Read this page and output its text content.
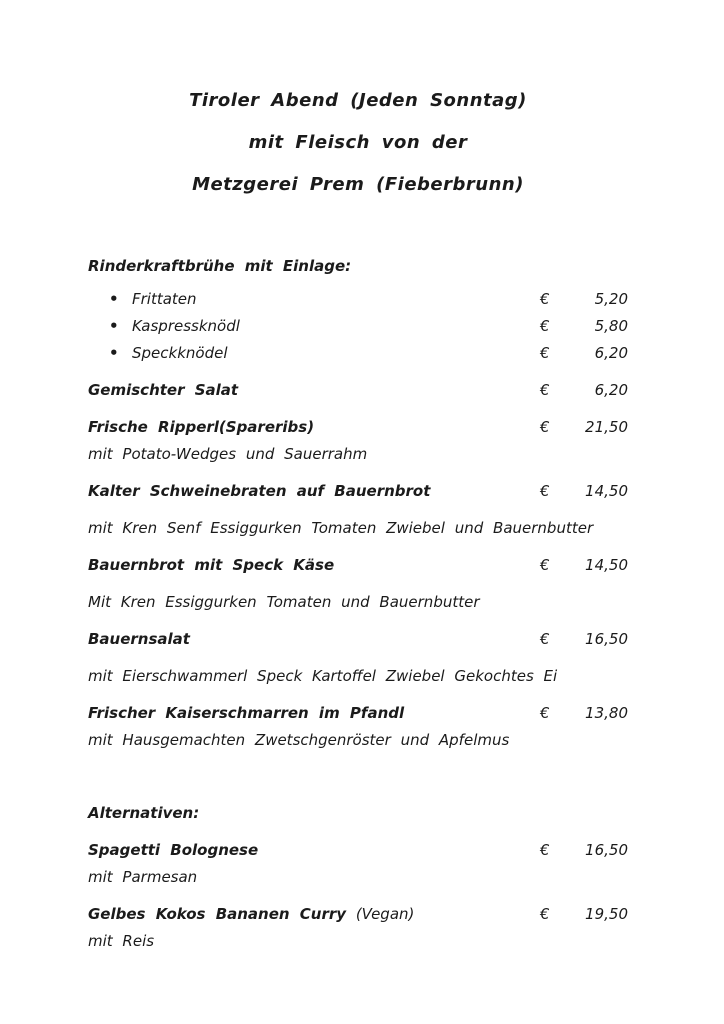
Tiroler Abend (Jeden Sonntag)

mit Fleisch von der

Metzgerei Prem (Fieberbrunn)

Rinderkraftbrühe mit Einlage:
• Frittaten	€	5,20
• Kaspressknödl	€	5,80
• Speckknödel	€	6,20
Gemischter Salat	€	6,20
Frische Ripperl(Spareribs)	€ 21,50

mit Potato-Wedges und Sauerrahm

Kalter Schweinebraten auf Bauernbrot	€ 14,50

mit Kren Senf Essiggurken Tomaten Zwiebel und Bauernbutter

Bauernbrot mit Speck Käse	€ 14,50

Mit Kren Essiggurken Tomaten und Bauernbutter

Bauernsalat	€ 16,50

mit Eierschwammerl Speck Kartoffel Zwiebel Gekochtes Ei

Frischer Kaiserschmarren im Pfandl	€ 13,80

mit Hausgemachten Zwetschgenröster und Apfelmus

Alternativen:
Spagetti Bolognese	€ 16,50

mit Parmesan

Gelbes Kokos Bananen Curry (Vegan)	€ 19,50

mit Reis
